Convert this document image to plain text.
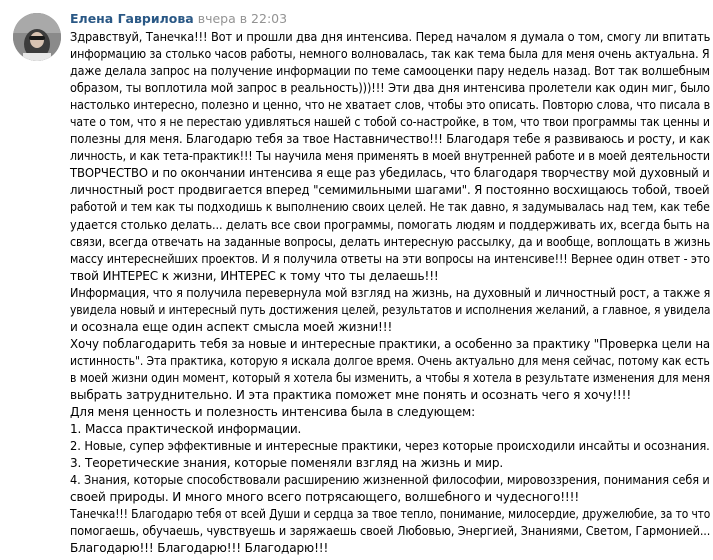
Елена Гаврилова вчера в 22:03
Здравствуй, Танечка!!! Вот и прошли два дня интенсива. Перед началом я думала о том, смогу ли впитать
информацию за столько часов работы, немного волновалась, так как тема была для меня очень актуальна. Я
даже делала запрос на получение информации по теме самооценки пару недель назад. Вот так волшебным
образом, ты воплотила мой запрос в реальность)))!!! Эти два дня интенсива пролетели как один миг, было
настолько интересно, полезно и ценно, что не хватает слов, чтобы это описать. Повторю слова, что писала в
чате о том, что я не перестаю удивляться нашей с тобой со-настройке, в том, что твои программы так ценны и
полезны для меня. Благодарю тебя за твое Наставничество!!! Благодаря тебе я развиваюсь и росту, и как
личность, и как тета-практик!!! Ты научила меня применять в моей внутренней работе и в моей деятельности
ТВОРЧЕСТВО и по окончании интенсива я еще раз убедилась, что благодаря творчеству мой духовный и
личностный рост продвигается вперед "семимильными шагами". Я постоянно восхищаюсь тобой, твоей
работой и тем как ты подходишь к выполнению своих целей. Не так давно, я задумывалась над тем, как тебе
удается столько делать... делать все свои программы, помогать людям и поддерживать их, всегда быть на
связи, всегда отвечать на заданные вопросы, делать интересную рассылку, да и вообще, воплощать в жизнь
массу интереснейших проектов. И я получила ответы на эти вопросы на интенсиве!!! Вернее один ответ - это
твой ИНТЕРЕС к жизни, ИНТЕРЕС к тому что ты делаешь!!!
Информация, что я получила перевернула мой взгляд на жизнь, на духовный и личностный рост, а также я
увидела новый и интересный путь достижения целей, результатов и исполнения желаний, а главное, я увидела
и осознала еще один аспект смысла моей жизни!!!
Хочу поблагодарить тебя за новые и интересные практики, а особенно за практику "Проверка цели на
истинность". Эта практика, которую я искала долгое время. Очень актуально для меня сейчас, потому как есть
в моей жизни один момент, который я хотела бы изменить, а чтобы я хотела в результате изменения для меня
выбрать затруднительно. И эта практика поможет мне понять и осознать чего я хочу!!!!
Для меня ценность и полезность интенсива была в следующем:
1. Масса практической информации.
2. Новые, супер эффективные и интересные практики, через которые происходили инсайты и осознания.
3. Теоретические знания, которые поменяли взгляд на жизнь и мир.
4. Знания, которые способствовали расширению жизненной философии, мировоззрения, понимания себя и
своей природы. И много много всего потрясающего, волшебного и чудесного!!!!
Танечка!!! Благодарю тебя от всей Души и сердца за твое тепло, понимание, милосердие, дружелюбие, за то что
помогаешь, обучаешь, чувствуешь и заряжаешь своей Любовью, Энергией, Знаниями, Светом, Гармонией...
Благодарю!!! Благодарю!!! Благодарю!!!
